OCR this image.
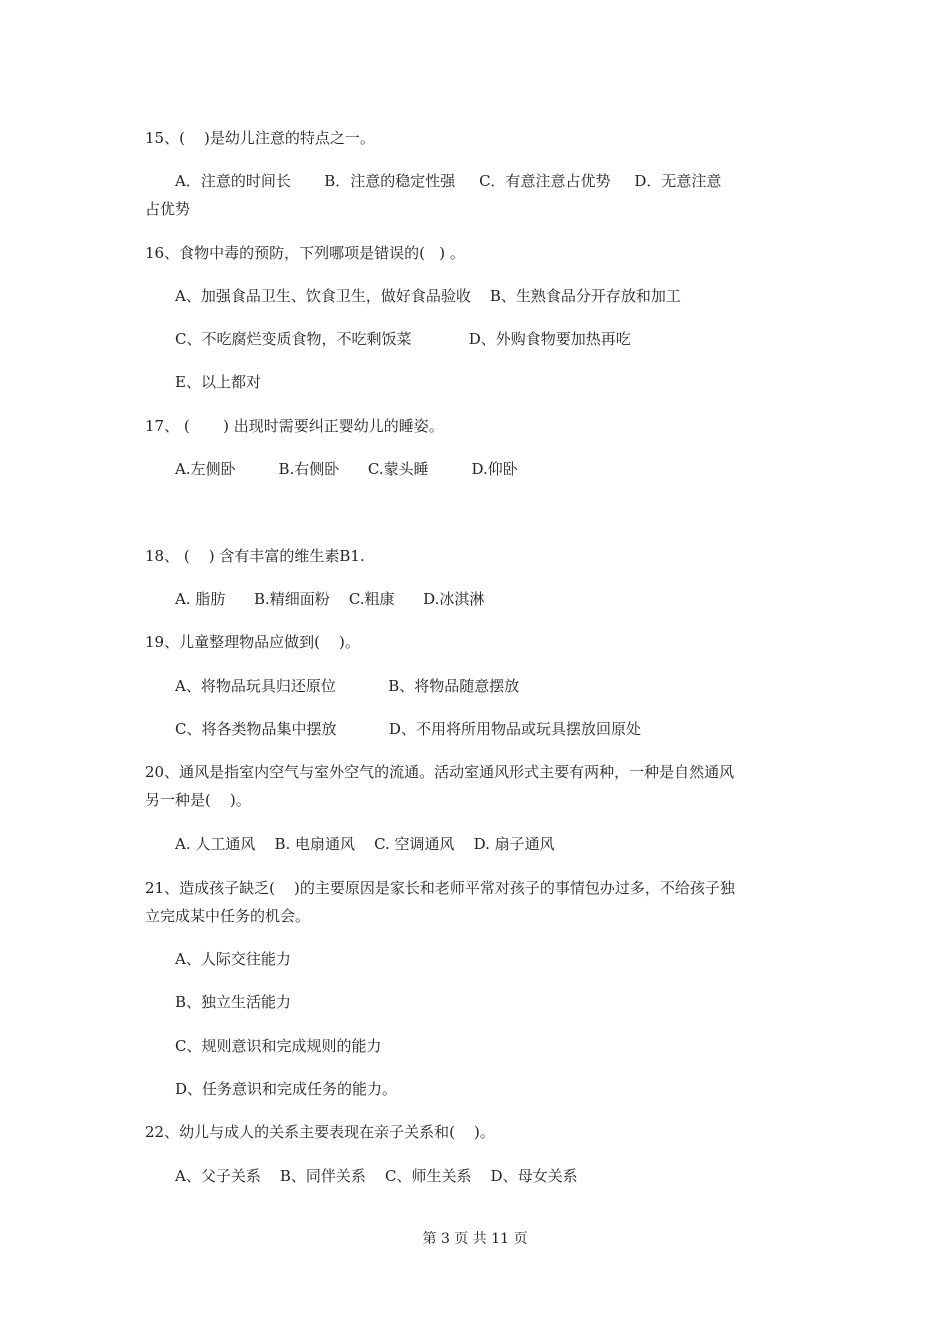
15、(    )是幼儿注意的特点之一。
A．注意的时间长       B．注意的稳定性强     C．有意注意占优势     D．无意注意
占优势
16、食物中毒的预防，下列哪项是错误的(   ) 。
A、加强食品卫生、饮食卫生，做好食品验收    B、生熟食品分开存放和加工
C、不吃腐烂变质食物，不吃剩饭菜            D、外购食物要加热再吃
E、以上都对
17、 (       ) 出现时需要纠正婴幼儿的睡姿。
A.左侧卧         B.右侧卧      C.蒙头睡         D.仰卧
18、 (    ) 含有丰富的维生素B1.
A. 脂肪      B.精细面粉    C.粗康      D.冰淇淋
19、儿童整理物品应做到(    )。
A、将物品玩具归还原位           B、将物品随意摆放
C、将各类物品集中摆放           D、不用将所用物品或玩具摆放回原处
20、通风是指室内空气与室外空气的流通。活动室通风形式主要有两种，一种是自然通风
另一种是(    )。
A. 人工通风    B. 电扇通风    C. 空调通风    D. 扇子通风
21、造成孩子缺乏(    )的主要原因是家长和老师平常对孩子的事情包办过多，不给孩子独
立完成某中任务的机会。
A、人际交往能力
B、独立生活能力
C、规则意识和完成规则的能力
D、任务意识和完成任务的能力。
22、幼儿与成人的关系主要表现在亲子关系和(    )。
A、父子关系    B、同伴关系    C、师生关系    D、母女关系
第 3 页 共 11 页
